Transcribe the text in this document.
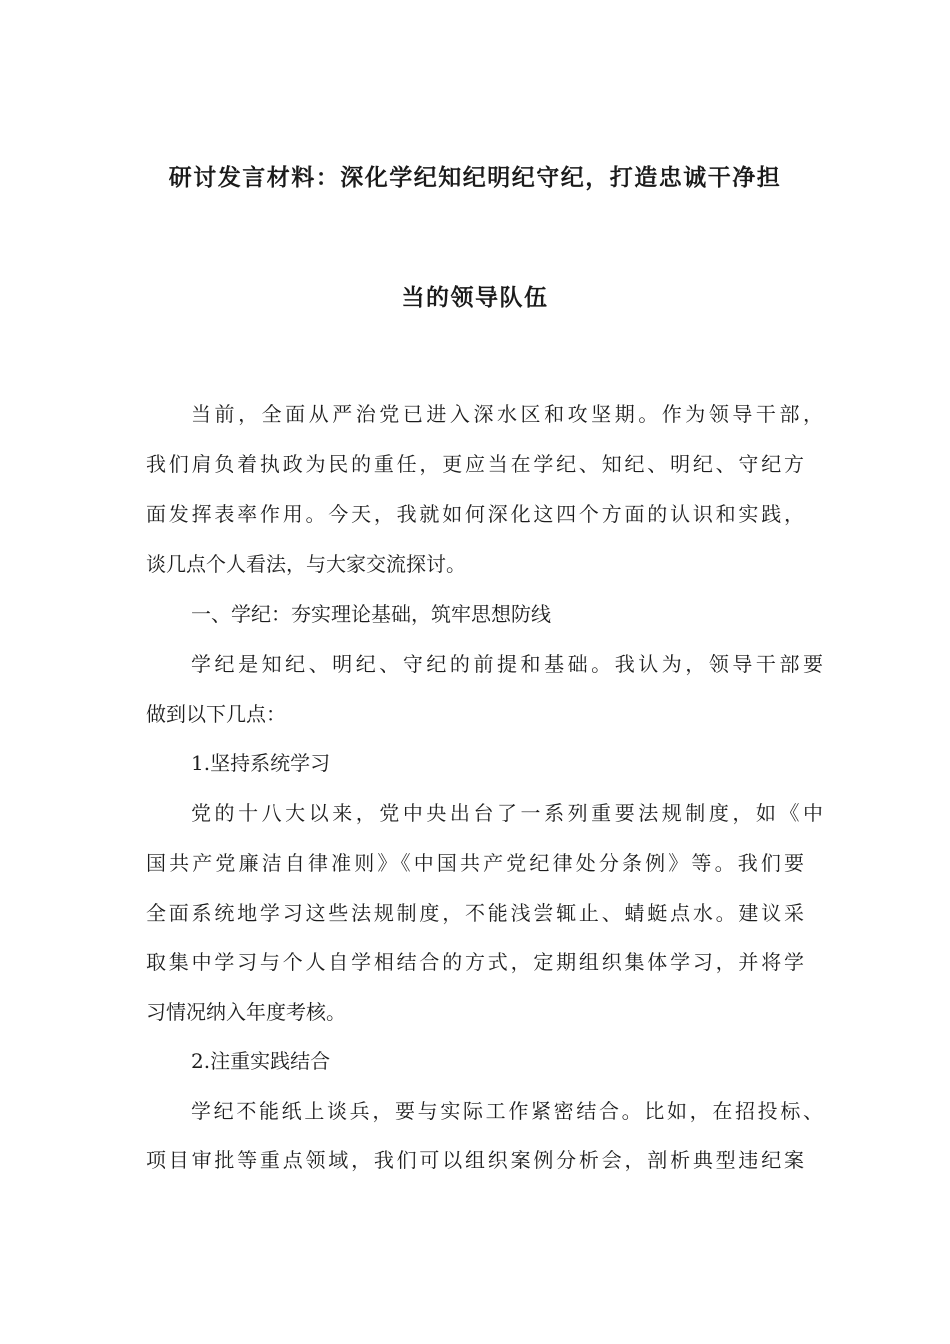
研讨发言材料：深化学纪知纪明纪守纪，打造忠诚干净担
当的领导队伍
当前，全面从严治党已进入深水区和攻坚期。作为领导干部，
我们肩负着执政为民的重任，更应当在学纪、知纪、明纪、守纪方
面发挥表率作用。今天，我就如何深化这四个方面的认识和实践，
谈几点个人看法，与大家交流探讨。
一、学纪：夯实理论基础，筑牢思想防线
学纪是知纪、明纪、守纪的前提和基础。我认为，领导干部要
做到以下几点：
1.坚持系统学习
党的十八大以来，党中央出台了一系列重要法规制度，如《中
国共产党廉洁自律准则》《中国共产党纪律处分条例》等。我们要
全面系统地学习这些法规制度，不能浅尝辄止、蜻蜓点水。建议采
取集中学习与个人自学相结合的方式，定期组织集体学习，并将学
习情况纳入年度考核。
2.注重实践结合
学纪不能纸上谈兵，要与实际工作紧密结合。比如，在招投标、
项目审批等重点领域，我们可以组织案例分析会，剖析典型违纪案
